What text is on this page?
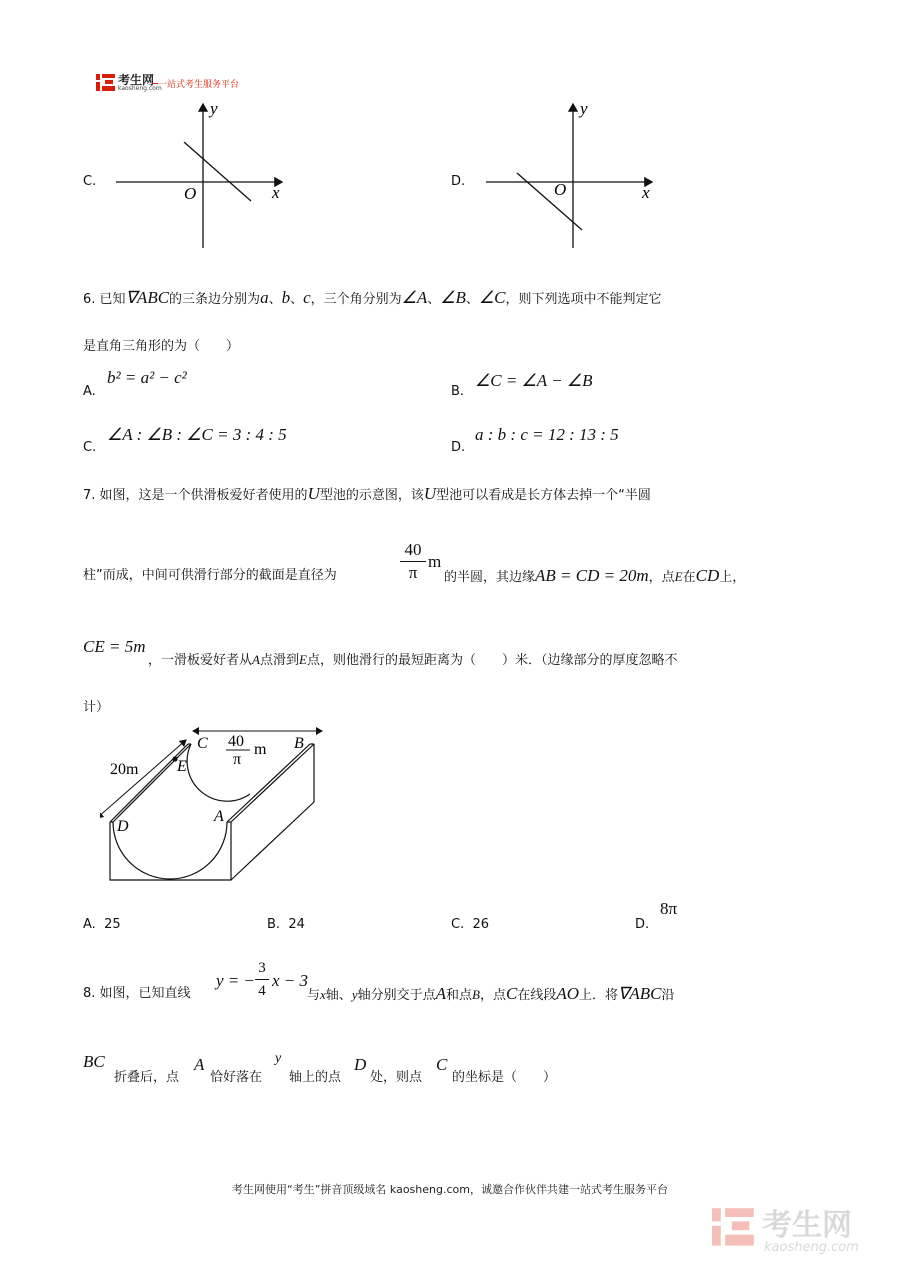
考生网
kaosheng.com
一站式考生服务平台
C.
y
x
O
D.
y
x
O
6. 已知∇ABC的三条边分别为a、b、c，三个角分别为∠A、∠B、∠C，则下列选项中不能判定它
是直角三角形的为（　　）
A.
b² = a² − c²
B.
∠C = ∠A − ∠B
C.
∠A : ∠B : ∠C = 3 : 4 : 5
D.
a : b : c = 12 : 13 : 5
7. 如图，这是一个供滑板爱好者使用的U型池的示意图，该U型池可以看成是长方体去掉一个“半圆
柱”而成，中间可供滑行部分的截面是直径为
40
π
m
的半圆，其边缘AB = CD = 20m，点E在CD上，
CE = 5m
，一滑板爱好者从A点滑到E点，则他滑行的最短距离为（　　）米．（边缘部分的厚度忽略不
计）
20m
C 40
π
m B
E
D
A
A. 25	B. 24	C. 26	D.
8π
8. 如图，已知直线
y = −
3
4
x − 3
与x轴、y轴分别交于点A和点B，点C在线段AO上．将∇ABC沿
BC
折叠后，点
A
恰好落在
y
轴上的点
D
处，则点
C
的坐标是（　　）
考生网使用“考生”拼音顶级域名 kaosheng.com，诚邀合作伙伴共建一站式考生服务平台
考生网
kaosheng.com
